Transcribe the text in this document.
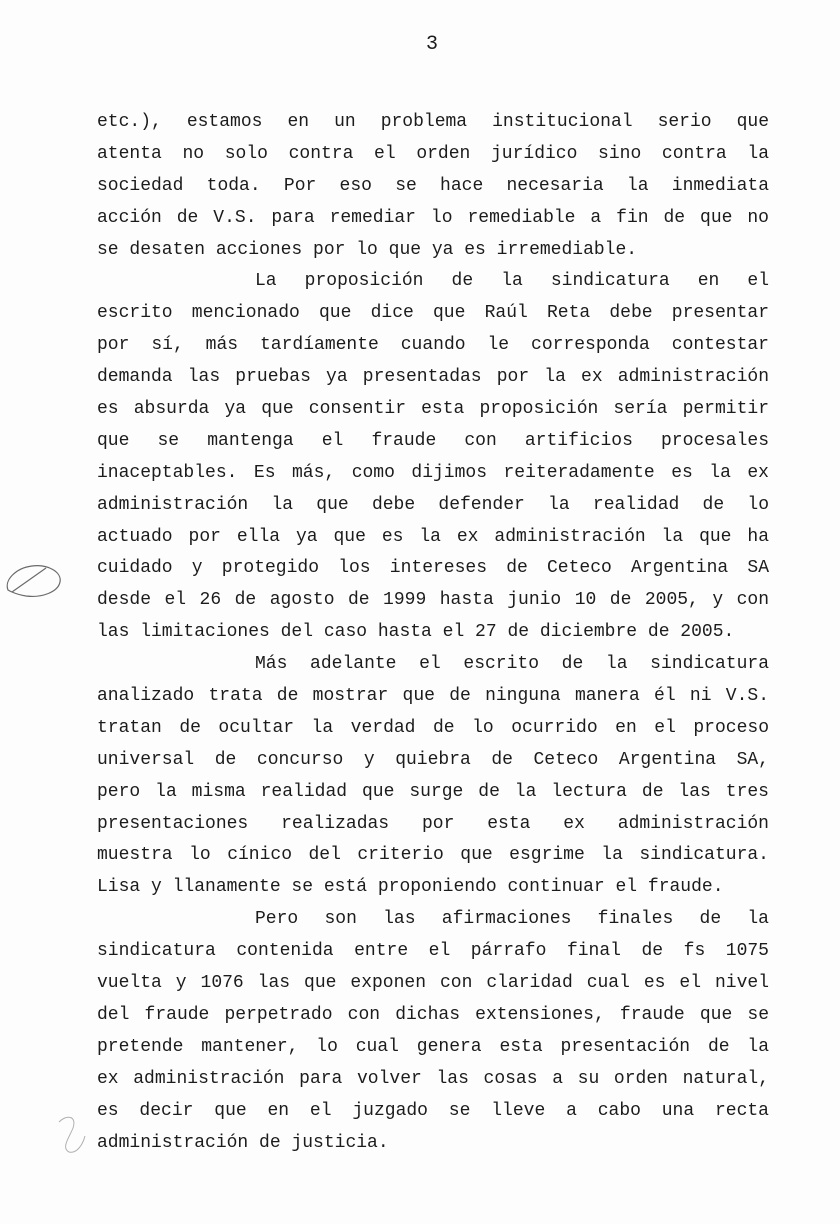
3
etc.), estamos en un problema institucional serio que
atenta no solo contra el orden jurídico sino contra la
sociedad toda. Por eso se hace necesaria la inmediata
acción de V.S. para remediar lo remediable a fin de que no
se desaten acciones por lo que ya es irremediable.
La proposición de la sindicatura en el
escrito mencionado que dice que Raúl Reta debe presentar
por sí, más tardíamente cuando le corresponda contestar
demanda las pruebas ya presentadas por la ex administración
es absurda ya que consentir esta proposición sería permitir
que se mantenga el fraude con artificios procesales
inaceptables. Es más, como dijimos reiteradamente es la ex
administración la que debe defender la realidad de lo
actuado por ella ya que es la ex administración la que ha
cuidado y protegido los intereses de Ceteco Argentina SA
desde el 26 de agosto de 1999 hasta junio 10 de 2005, y con
las limitaciones del caso hasta el 27 de diciembre de 2005.
Más adelante el escrito de la sindicatura
analizado trata de mostrar que de ninguna manera él ni V.S.
tratan de ocultar la verdad de lo ocurrido en el proceso
universal de concurso y quiebra de Ceteco Argentina SA,
pero la misma realidad que surge de la lectura de las tres
presentaciones realizadas por esta ex administración
muestra lo cínico del criterio que esgrime la sindicatura.
Lisa y llanamente se está proponiendo continuar el fraude.
Pero son las afirmaciones finales de la
sindicatura contenida entre el párrafo final de fs 1075
vuelta y 1076 las que exponen con claridad cual es el nivel
del fraude perpetrado con dichas extensiones, fraude que se
pretende mantener, lo cual genera esta presentación de la
ex administración para volver las cosas a su orden natural,
es decir que en el juzgado se lleve a cabo una recta
administración de justicia.
